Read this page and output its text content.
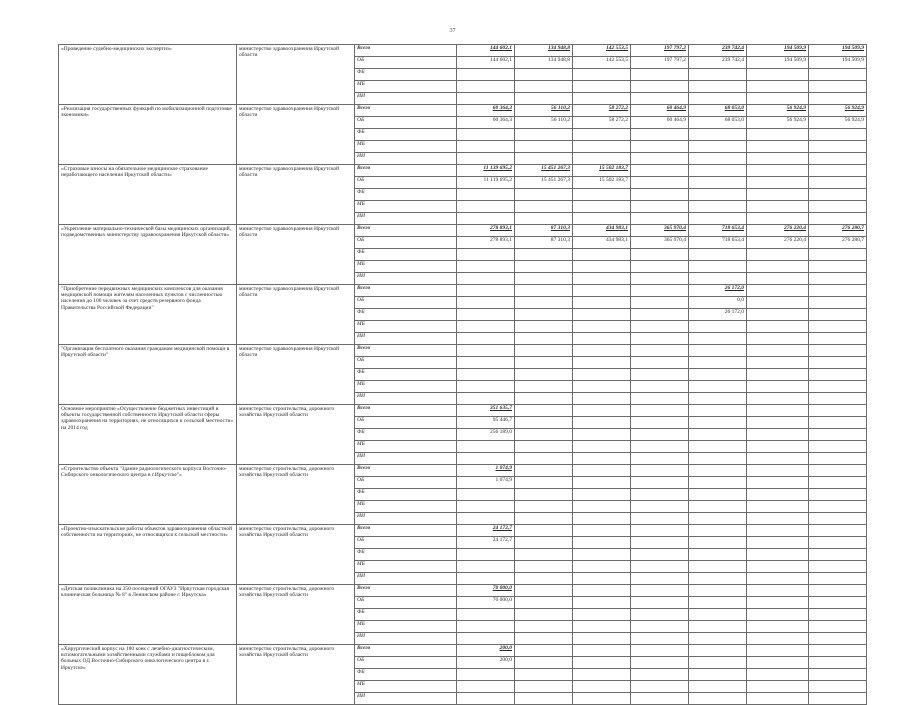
37
«Проведение судебно-медицинских экспертиз»	министерство здравоохранения Иркутской области	Всего	144 602,1	134 948,8	142 553,5	197 797,2	239 742,4	194 509,9	194 509,9
		ОБ	144 602,1	134 948,8	142 553,5	197 797,2	239 742,4	194 509,9	194 509,9
		ФБ							
		МБ							
		ИИ							
«Реализация государственных функций по мобилизационной подготовке экономики»	министерство здравоохранения Иркутской области	Всего	60 364,3	56 110,2	58 272,2	60 464,9	68 053,0	56 924,9	56 924,9
		ОБ	60 364,3	56 110,2	58 272,2	60 464,9	68 053,0	56 924,9	56 924,9
		ФБ							
		МБ							
		ИИ							
«Страховые взносы на обязательное медицинское страхование неработающего населения Иркутской области»	министерство здравоохранения Иркутской области	Всего	11 139 695,2	15 451 267,3	15 502 183,7				
		ОБ	11 119 695,2	15 451 267,3	15 502 183,7				
		ФБ							
		МБ							
		ИИ							
«Укрепление материально-технической базы медицинских организаций, подведомственных министерству здравоохранения Иркутской области»	министерство здравоохранения Иркутской области	Всего	278 893,1	87 310,3	434 983,1	365 970,4	718 653,4	276 220,4	276 280,7
		ОБ	278 893,1	87 310,3	434 983,1	365 970,4	718 653,4	276 220,4	276 280,7
		ФБ							
		МБ							
		ИИ							
"Приобретение передвижных медицинских комплексов для оказания медицинской помощи жителям населенных пунктов с численностью населения до 100 человек за счет средств резервного фонда Правительства Российской Федерации"	министерство здравоохранения Иркутской области	Всего					26 172,0		
		ОБ					0,0		
		ФБ					26 172,0		
		МБ							
		ИИ							
"Организация бесплатного оказания гражданам медицинской помощи в Иркутской области"	министерство здравоохранения Иркутской области	Всего							
		ОБ							
		ФБ							
		МБ							
		ИИ							
Основное мероприятие «Осуществление бюджетных инвестиций в объекты государственной собственности Иркутской области сферы здравоохранения на территориях, не относящихся к сельской местности» на 2014 год	министерство строительства, дорожного хозяйства Иркутской области	Всего	351 635,7						
		ОБ	95 446,7						
		ФБ	256 189,0						
		МБ							
		ИИ							
«Строительство объекта "Здание радиологического корпуса Восточно-Сибирского онкологического центра в г.Иркутске"»	министерство строительства, дорожного хозяйства Иркутской области	Всего	1 074,9						
		ОБ	1 074,9						
		ФБ							
		МБ							
		ИИ							
«Проектно-изыскательские работы объектов здравоохранения областной собственности на территориях, не относящихся к сельской местности»	министерство строительства, дорожного хозяйства Иркутской области	Всего	24 172,7						
		ОБ	24 172,7						
		ФБ							
		МБ							
		ИИ							
«Детская поликлиника на 350 посещений ОГАУЗ "Иркутская городская клиническая больница № 8" в Ленинском районе г. Иркутска»	министерство строительства, дорожного хозяйства Иркутской области	Всего	70 000,0						
		ОБ	70 000,0						
		ФБ							
		МБ							
		ИИ							
«Хирургический корпус на 180 коек с лечебно-диагностическим, вспомогательными хозяйственными службами и пищеблоком для больных ОД Восточно-Сибирского онкологического центра в г. Иркутске»	министерство строительства, дорожного хозяйства Иркутской области	Всего	200,0						
		ОБ	200,0						
		ФБ							
		МБ							
		ИИ							
